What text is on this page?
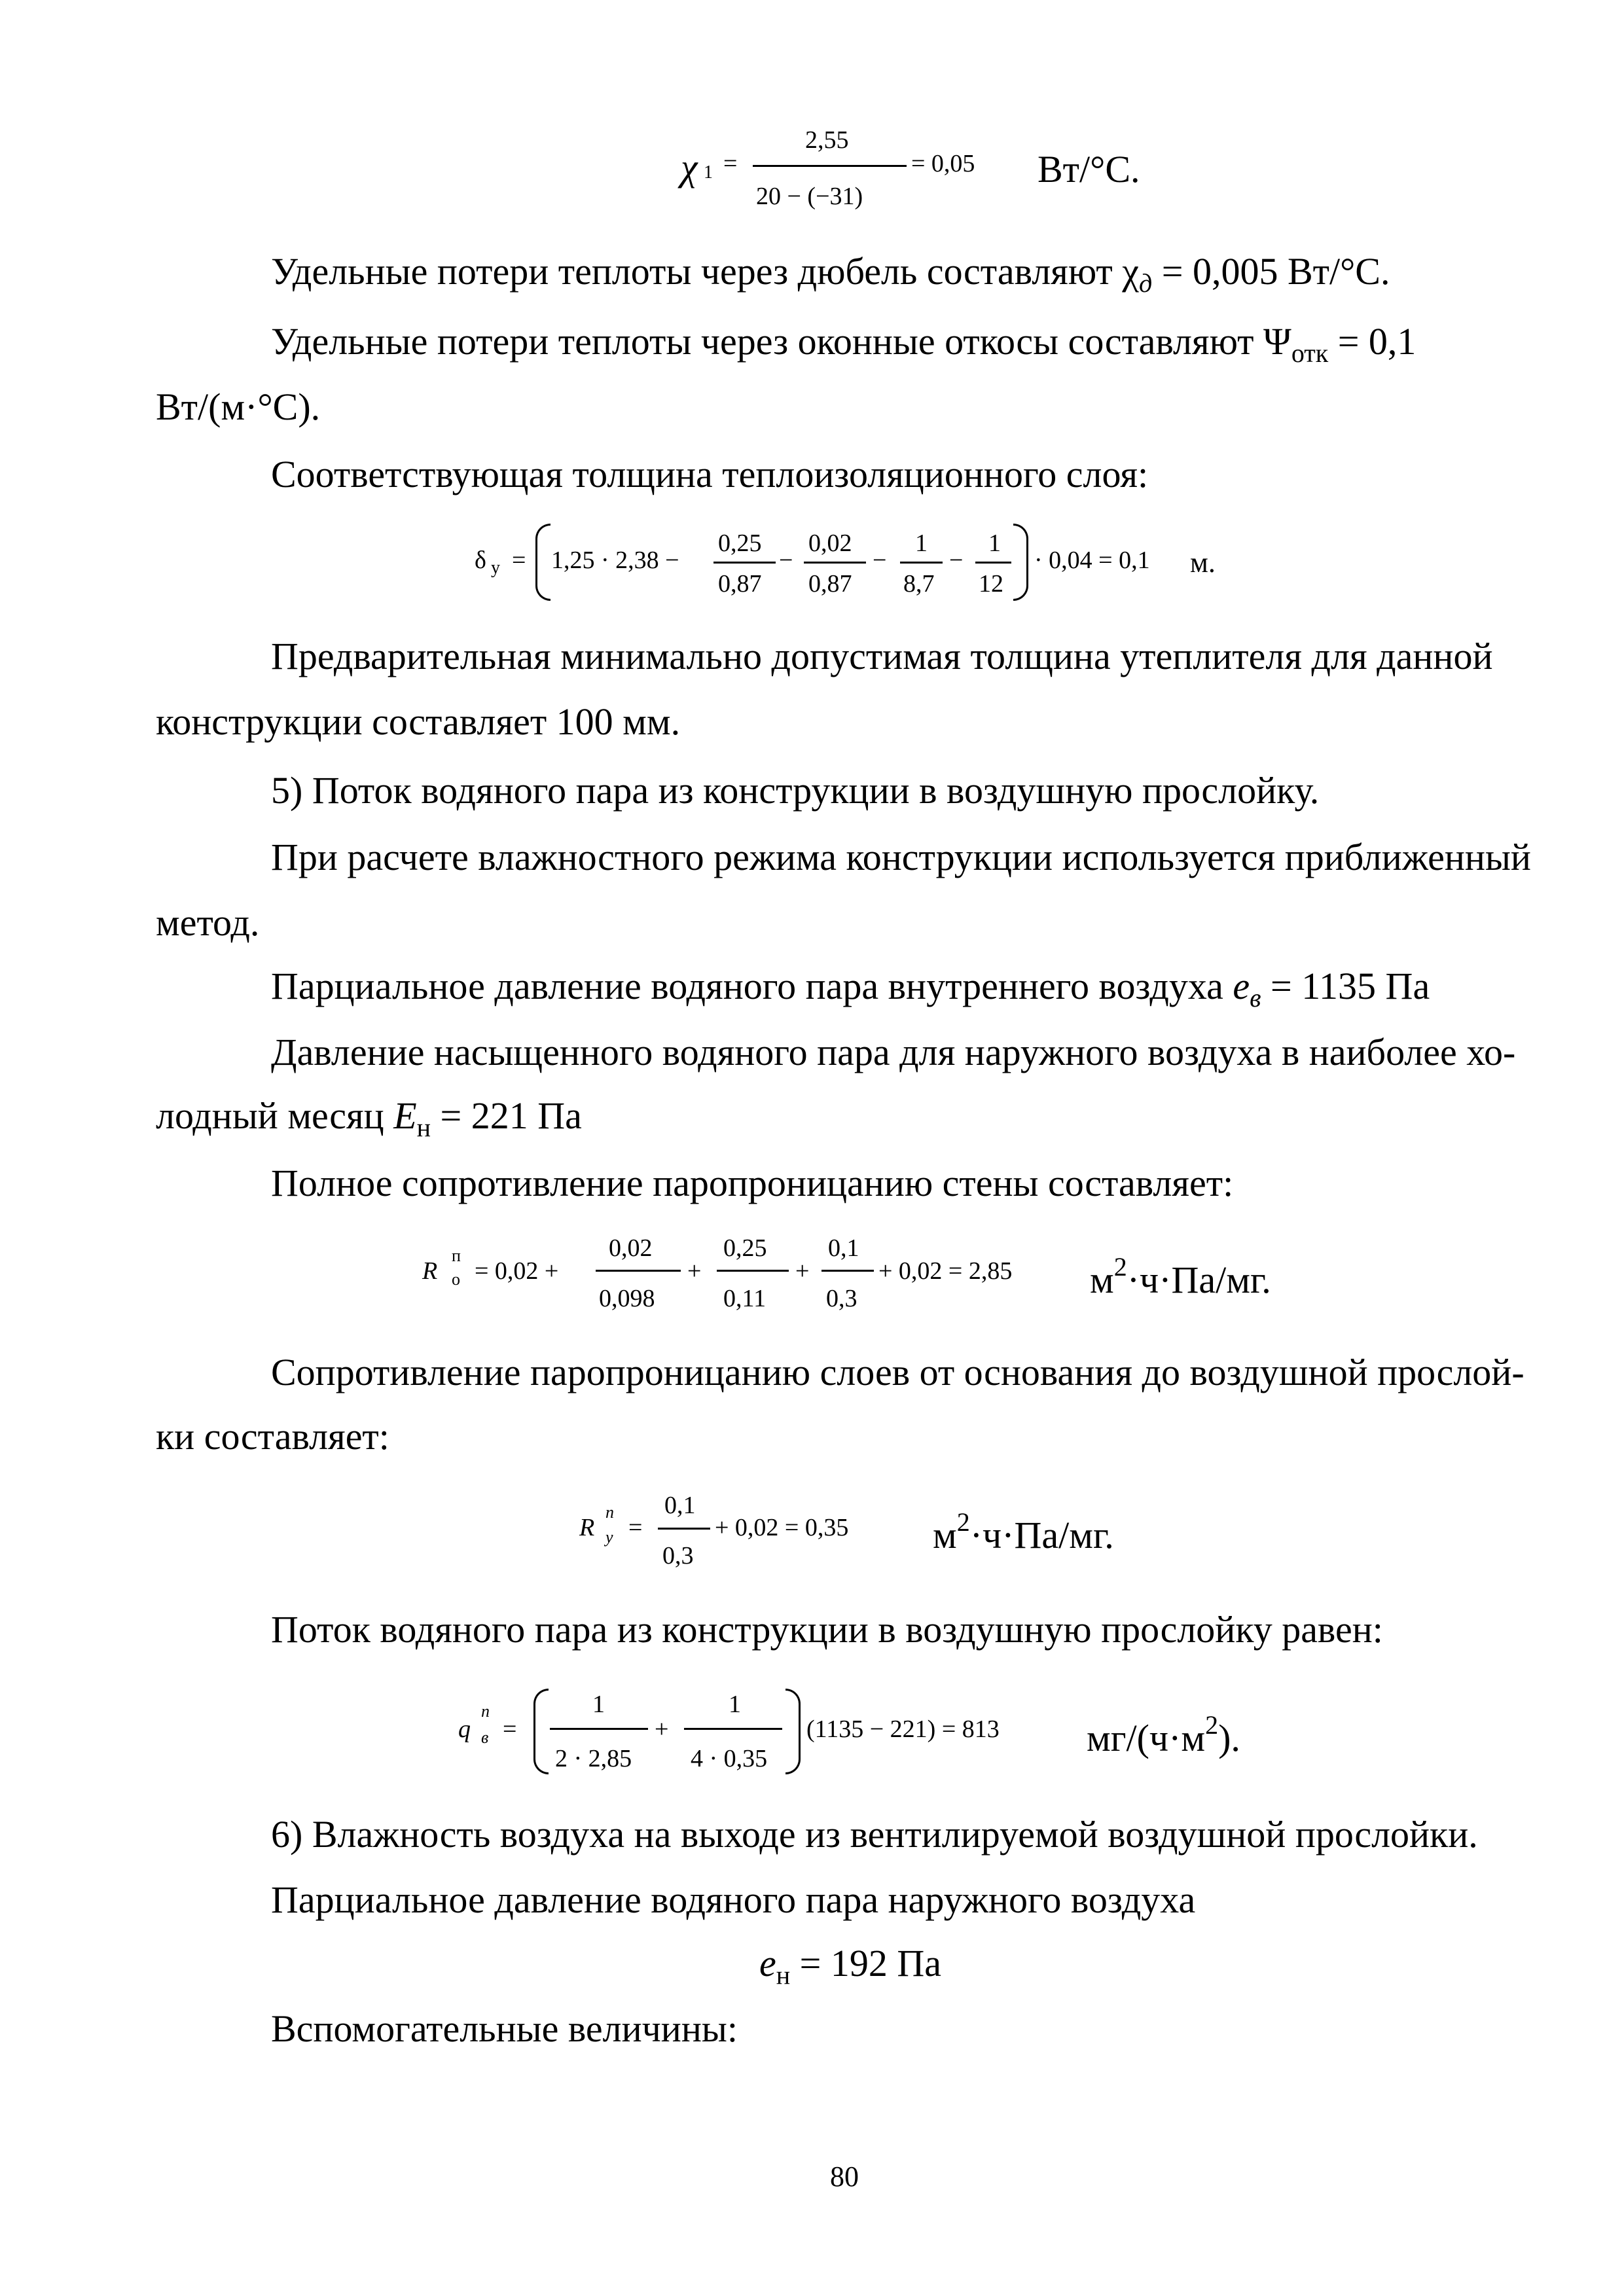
χ 1 =
2,55
20 − (−31)
= 0,05 Вт/°С.
Удельные потери теплоты через дюбель составляют $\chi_д = 0,005$ Вт/°С.
Удельные потери теплоты через оконные откосы составляют $\Psi_{отк} = 0,1$
Вт/(м·°С).
Соответствующая толщина теплоизоляционного слоя:
δ у = 1,25 · 2,38 −
0,25
0,87
−
0,02
0,87
−
1
8,7
−
1
12
· 0,04 = 0,1 м.
Предварительная минимально допустимая толщина утеплителя для данной
конструкции составляет 100 мм.
5) Поток водяного пара из конструкции в воздушную прослойку.
При расчете влажностного режима конструкции используется приближенный
метод.
Парциальное давление водяного пара внутреннего воздуха $e_в = 1135$ Па
Давление насыщенного водяного пара для наружного воздуха в наиболее хо-
лодный месяц $E_н = 221$ Па
Полное сопротивление паропроницанию стены составляет:
R
п
о = 0,02 +
0,02
0,098
+
0,25
0,11
+
0,1
0,3
+ 0,02 = 2,85 $м^2\cdot ч\cdot Па/мг$.
Сопротивление паропроницанию слоев от основания до воздушной прослой-
ки составляет:
R
п
у =
0,1
0,3
+ 0,02 = 0,35 $м^2\cdot ч\cdot Па/мг$.
Поток водяного пара из конструкции в воздушную прослойку равен:
q
п
в =
1
2 · 2,85
+
1
4 · 0,35
(1135 − 221) = 813 $мг/(ч\cdot м^2)$.
6) Влажность воздуха на выходе из вентилируемой воздушной прослойки.
Парциальное давление водяного пара наружного воздуха
$e_н = 192$ Па
Вспомогательные величины:
80
